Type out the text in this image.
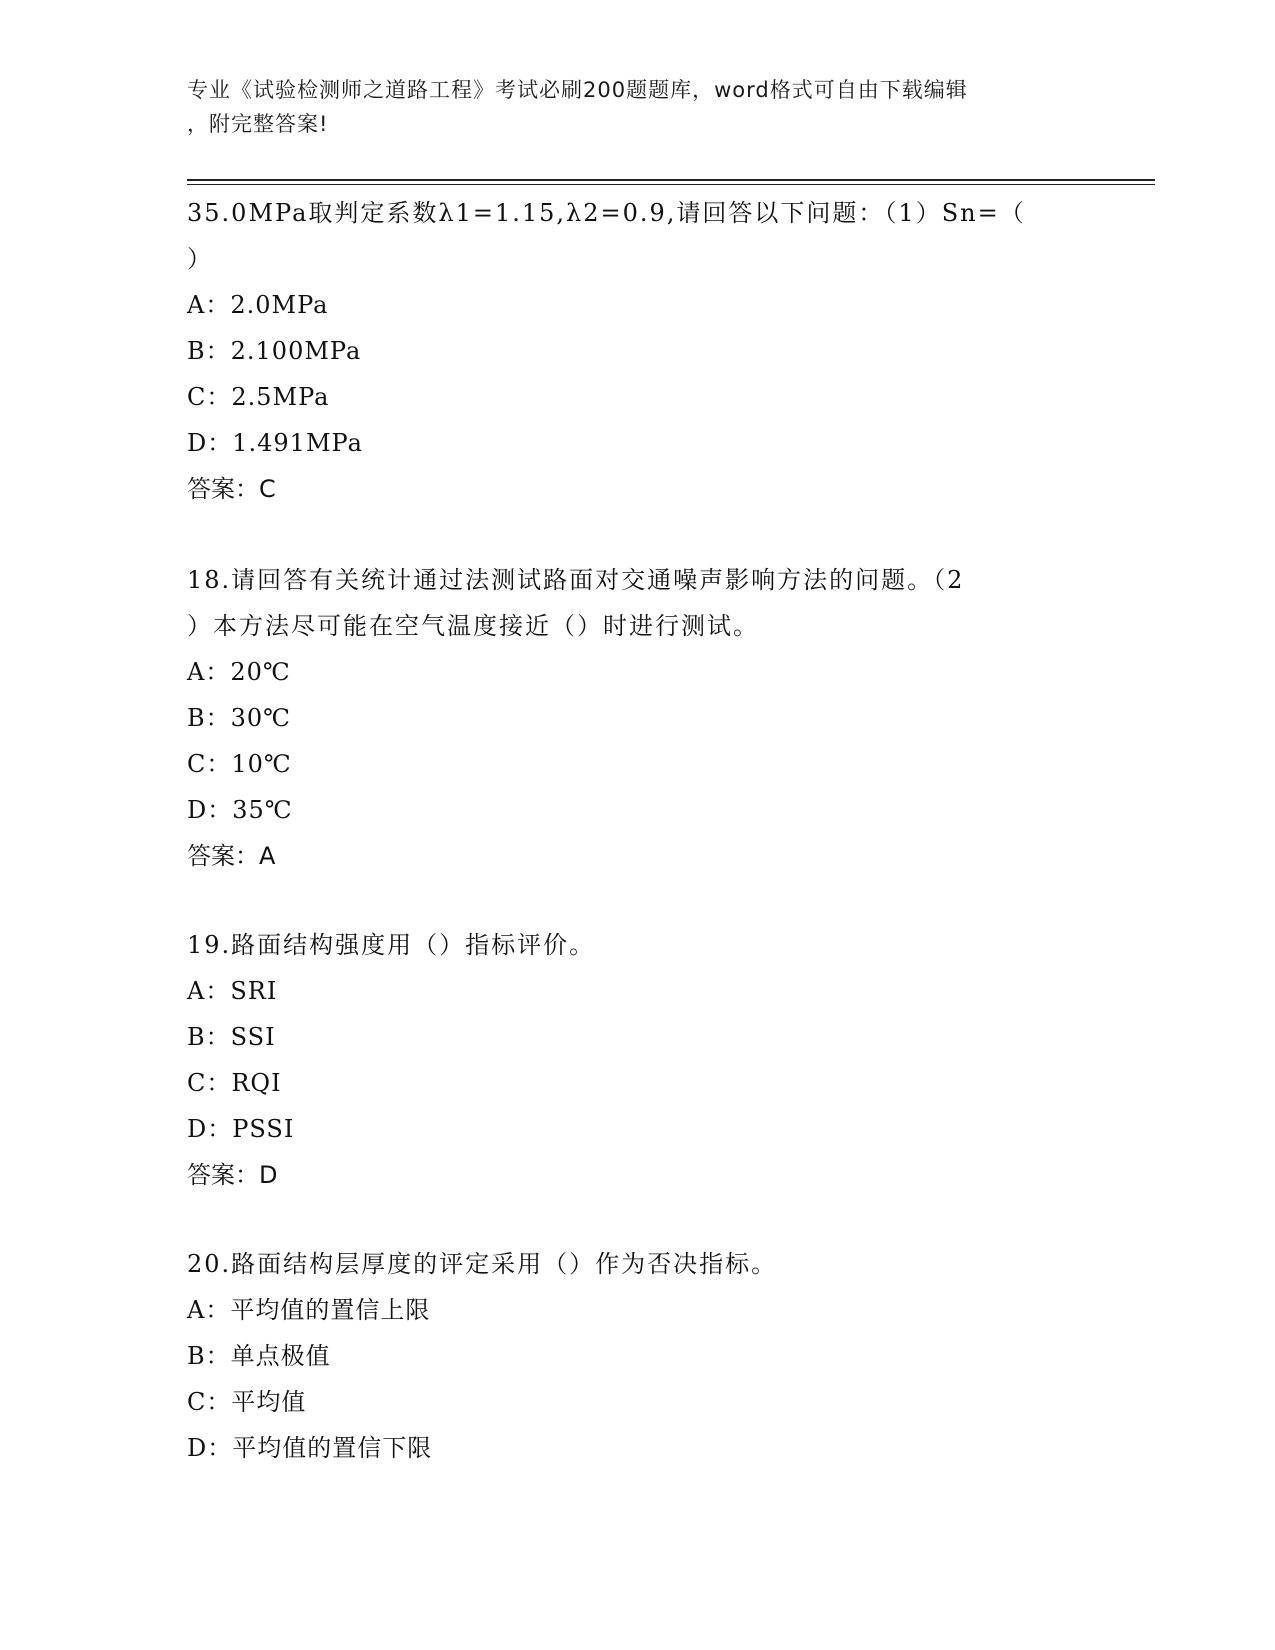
专业《试验检测师之道路工程》考试必刷200题题库，word格式可自由下载编辑
，附完整答案!
35.0MPa取判定系数λ1=1.15,λ2=0.9,请回答以下问题：（1）Sn=（
）
A：2.0MPa
B：2.100MPa
C：2.5MPa
D：1.491MPa
答案：C
18.请回答有关统计通过法测试路面对交通噪声影响方法的问题。（2
）本方法尽可能在空气温度接近（）时进行测试。
A：20℃
B：30℃
C：10℃
D：35℃
答案：A
19.路面结构强度用（）指标评价。
A：SRI
B：SSI
C：RQI
D：PSSI
答案：D
20.路面结构层厚度的评定采用（）作为否决指标。
A：平均值的置信上限
B：单点极值
C：平均值
D：平均值的置信下限
